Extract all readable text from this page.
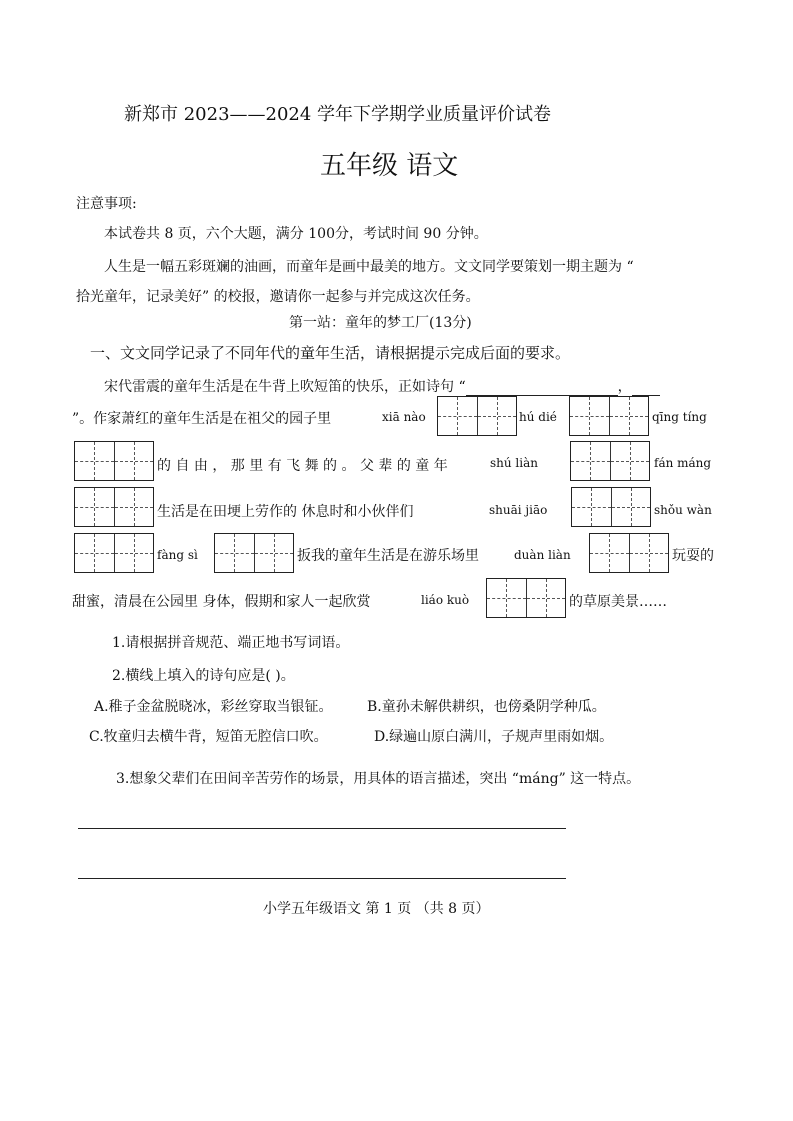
新郑市 2023——2024 学年下学期学业质量评价试卷
五年级 语文
注意事项:
本试卷共 8 页，六个大题，满分 100分，考试时间 90 分钟。
人生是一幅五彩斑斓的油画，而童年是画中最美的地方。文文同学要策划一期主题为 “
拾光童年，记录美好” 的校报，邀请你一起参与并完成这次任务。
第一站：童年的梦工厂(13分)
一、文文同学记录了不同年代的童年生活，请根据提示完成后面的要求。
宋代雷震的童年生活是在牛背上吹短笛的快乐，正如诗句 “	，
”。作家萧红的童年生活是在祖父的园子里	xiā nào	hú dié	qīng tíng
的 自 由 ， 那 里 有 飞 舞 的 。 父 辈 的 童 年	shú liàn	fán máng
生活是在田埂上劳作的 休息时和小伙伴们	shuāi jiāo	shǒu wàn
fàng sì	扳我的童年生活是在游乐场里	duàn liàn	玩耍的
甜蜜，清晨在公园里 身体，假期和家人一起欣赏	liáo kuò	的草原美景……
1.请根据拼音规范、端正地书写词语。
2.横线上填入的诗句应是( )。
A.稚子金盆脱晓冰，彩丝穿取当银钲。 B.童孙未解供耕织，也傍桑阴学种瓜。
C.牧童归去横牛背，短笛无腔信口吹。	D.绿遍山原白满川，子规声里雨如烟。
3.想象父辈们在田间辛苦劳作的场景，用具体的语言描述，突出 “máng” 这一特点。
小学五年级语文 第 1 页 （共 8 页）
